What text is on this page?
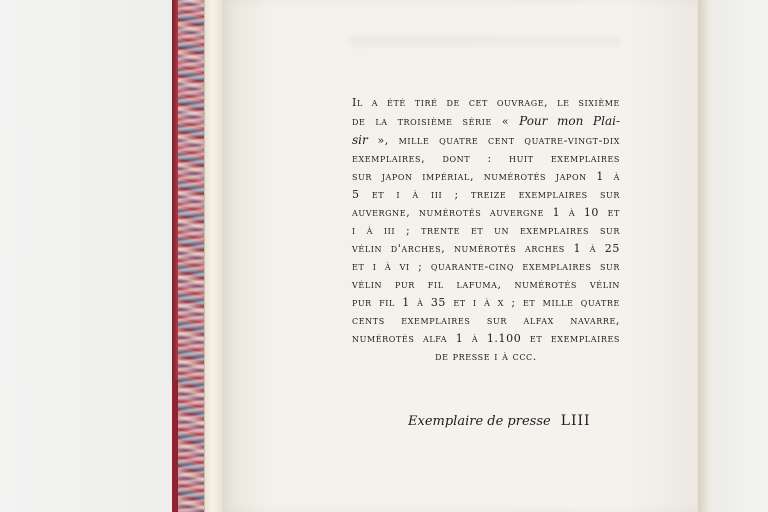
Il a été tiré de cet ouvrage, le sixième
de la troisième série « Pour mon Plai-
sir », mille quatre cent quatre-vingt-dix
exemplaires, dont : huit exemplaires
sur japon impérial, numérotés japon 1 à
5 et i à iii ; treize exemplaires sur
auvergne, numérotés auvergne 1 à 10 et
i à iii ; trente et un exemplaires sur
vélin d'arches, numérotés arches 1 à 25
et i à vi ; quarante-cinq exemplaires sur
vélin pur fil lafuma, numérotés vélin
pur fil 1 à 35 et i à x ; et mille quatre
cents exemplaires sur alfax navarre,
numérotés alfa 1 à 1.100 et exemplaires
de presse i à ccc.
Exemplaire de presse LIII
